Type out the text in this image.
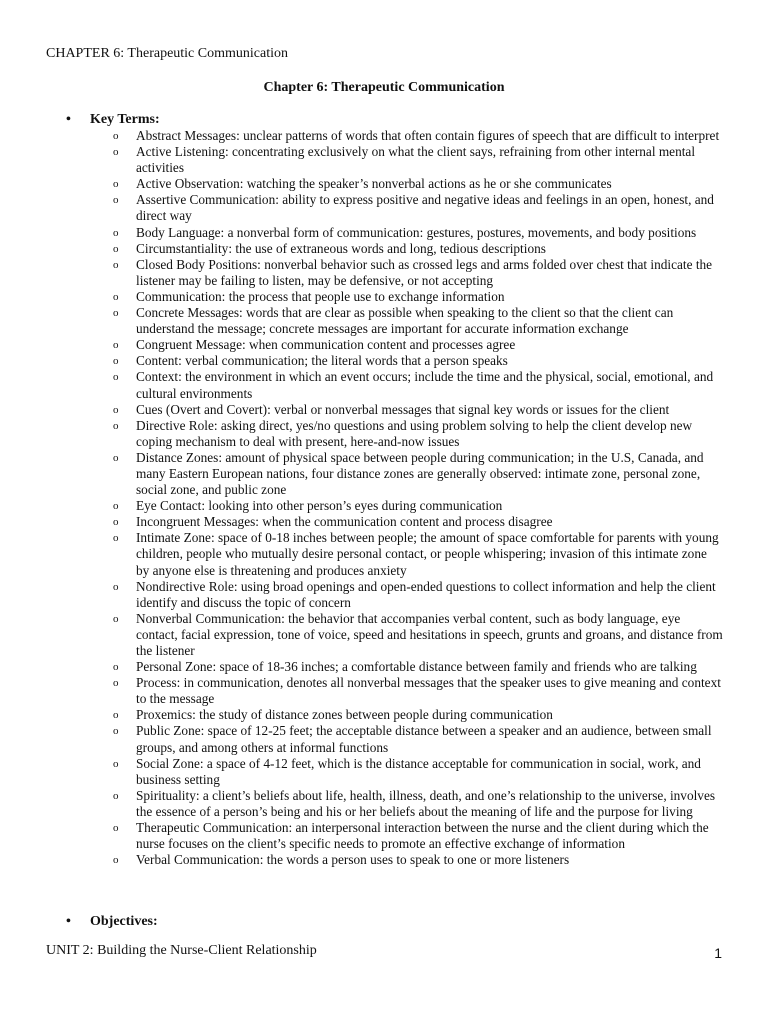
CHAPTER 6: Therapeutic Communication
Chapter 6: Therapeutic Communication
• Key Terms:
o Abstract Messages: unclear patterns of words that often contain figures of speech that are difficult to interpret
o Active Listening: concentrating exclusively on what the client says, refraining from other internal mental activities
o Active Observation: watching the speaker’s nonverbal actions as he or she communicates
o Assertive Communication: ability to express positive and negative ideas and feelings in an open, honest, and direct way
o Body Language: a nonverbal form of communication: gestures, postures, movements, and body positions
o Circumstantiality: the use of extraneous words and long, tedious descriptions
o Closed Body Positions: nonverbal behavior such as crossed legs and arms folded over chest that indicate the listener may be failing to listen, may be defensive, or not accepting
o Communication: the process that people use to exchange information
o Concrete Messages: words that are clear as possible when speaking to the client so that the client can understand the message; concrete messages are important for accurate information exchange
o Congruent Message: when communication content and processes agree
o Content: verbal communication; the literal words that a person speaks
o Context: the environment in which an event occurs; include the time and the physical, social, emotional, and cultural environments
o Cues (Overt and Covert): verbal or nonverbal messages that signal key words or issues for the client
o Directive Role: asking direct, yes/no questions and using problem solving to help the client develop new coping mechanism to deal with present, here-and-now issues
o Distance Zones: amount of physical space between people during communication; in the U.S, Canada, and many Eastern European nations, four distance zones are generally observed: intimate zone, personal zone, social zone, and public zone
o Eye Contact: looking into other person’s eyes during communication
o Incongruent Messages: when the communication content and process disagree
o Intimate Zone: space of 0-18 inches between people; the amount of space comfortable for parents with young children, people who mutually desire personal contact, or people whispering; invasion of this intimate zone by anyone else is threatening and produces anxiety
o Nondirective Role: using broad openings and open-ended questions to collect information and help the client identify and discuss the topic of concern
o Nonverbal Communication: the behavior that accompanies verbal content, such as body language, eye contact, facial expression, tone of voice, speed and hesitations in speech, grunts and groans, and distance from the listener
o Personal Zone: space of 18-36 inches; a comfortable distance between family and friends who are talking
o Process: in communication, denotes all nonverbal messages that the speaker uses to give meaning and context to the message
o Proxemics: the study of distance zones between people during communication
o Public Zone: space of 12-25 feet; the acceptable distance between a speaker and an audience, between small groups, and among others at informal functions
o Social Zone: a space of 4-12 feet, which is the distance acceptable for communication in social, work, and business setting
o Spirituality: a client’s beliefs about life, health, illness, death, and one’s relationship to the universe, involves the essence of a person’s being and his or her beliefs about the meaning of life and the purpose for living
o Therapeutic Communication: an interpersonal interaction between the nurse and the client during which the nurse focuses on the client’s specific needs to promote an effective exchange of information
o Verbal Communication: the words a person uses to speak to one or more listeners
• Objectives:
UNIT 2: Building the Nurse-Client Relationship	1
